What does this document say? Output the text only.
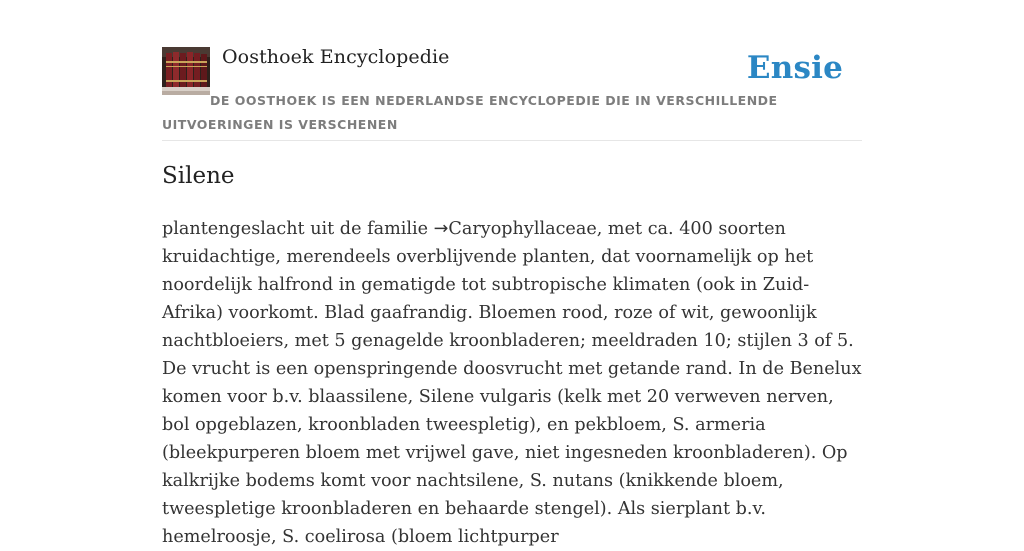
Oosthoek Encyclopedie	Ensie
DE OOSTHOEK IS EEN NEDERLANDSE ENCYCLOPEDIE DIE IN VERSCHILLENDE UITVOERINGEN IS VERSCHENEN
Silene

plantengeslacht uit de familie →Caryophyllaceae, met ca. 400 soorten kruidachtige, merendeels overblijvende planten, dat voornamelijk op het noordelijk halfrond in gematigde tot subtropische klimaten (ook in Zuid-Afrika) voorkomt. Blad gaafrandig. Bloemen rood, roze of wit, gewoonlijk nachtbloeiers, met 5 genagelde kroonbladeren; meeldraden 10; stijlen 3 of 5. De vrucht is een openspringende doosvrucht met getande rand. In de Benelux komen voor b.v. blaassilene, Silene vulgaris (kelk met 20 verweven nerven, bol opgeblazen, kroonbladen tweespletig), en pekbloem, S. armeria (bleekpurperen bloem met vrijwel gave, niet ingesneden kroonbladeren). Op kalkrijke bodems komt voor nachtsilene, S. nutans (knikkende bloem, tweespletige kroonbladeren en behaarde stengel). Als sierplant b.v. hemelroosje, S. coelirosa (bloem lichtpurper
